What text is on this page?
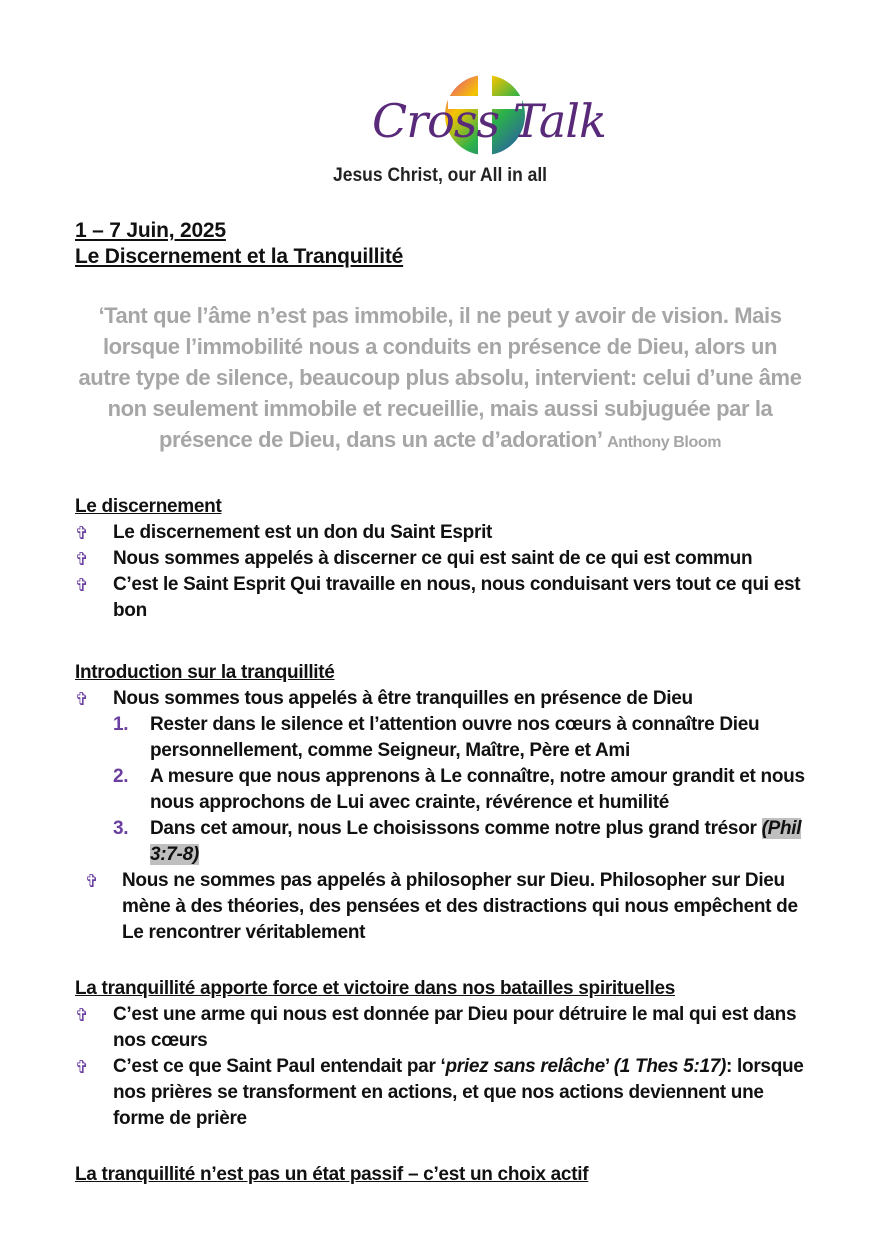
Cross Talk
Jesus Christ, our All in all
1 – 7 Juin, 2025
Le Discernement et la Tranquillité
‘Tant que l’âme n’est pas immobile, il ne peut y avoir de vision. Mais lorsque l’immobilité nous a conduits en présence de Dieu, alors un autre type de silence, beaucoup plus absolu, intervient: celui d’une âme non seulement immobile et recueillie, mais aussi subjuguée par la présence de Dieu, dans un acte d’adoration’ Anthony Bloom
Le discernement
✞	Le discernement est un don du Saint Esprit
✞	Nous sommes appelés à discerner ce qui est saint de ce qui est commun
✞	C’est le Saint Esprit Qui travaille en nous, nous conduisant vers tout ce qui est bon
Introduction sur la tranquillité
✞	Nous sommes tous appelés à être tranquilles en présence de Dieu
1. Rester dans le silence et l’attention ouvre nos cœurs à connaître Dieu personnellement, comme Seigneur, Maître, Père et Ami
2. A mesure que nous apprenons à Le connaître, notre amour grandit et nous nous approchons de Lui avec crainte, révérence et humilité
3. Dans cet amour, nous Le choisissons comme notre plus grand trésor (Phil 3:7-8)
✞	Nous ne sommes pas appelés à philosopher sur Dieu. Philosopher sur Dieu mène à des théories, des pensées et des distractions qui nous empêchent de Le rencontrer véritablement
La tranquillité apporte force et victoire dans nos batailles spirituelles
✞	C’est une arme qui nous est donnée par Dieu pour détruire le mal qui est dans nos cœurs
✞	C’est ce que Saint Paul entendait par ‘priez sans relâche’ (1 Thes 5:17): lorsque nos prières se transforment en actions, et que nos actions deviennent une forme de prière
La tranquillité n’est pas un état passif – c’est un choix actif
